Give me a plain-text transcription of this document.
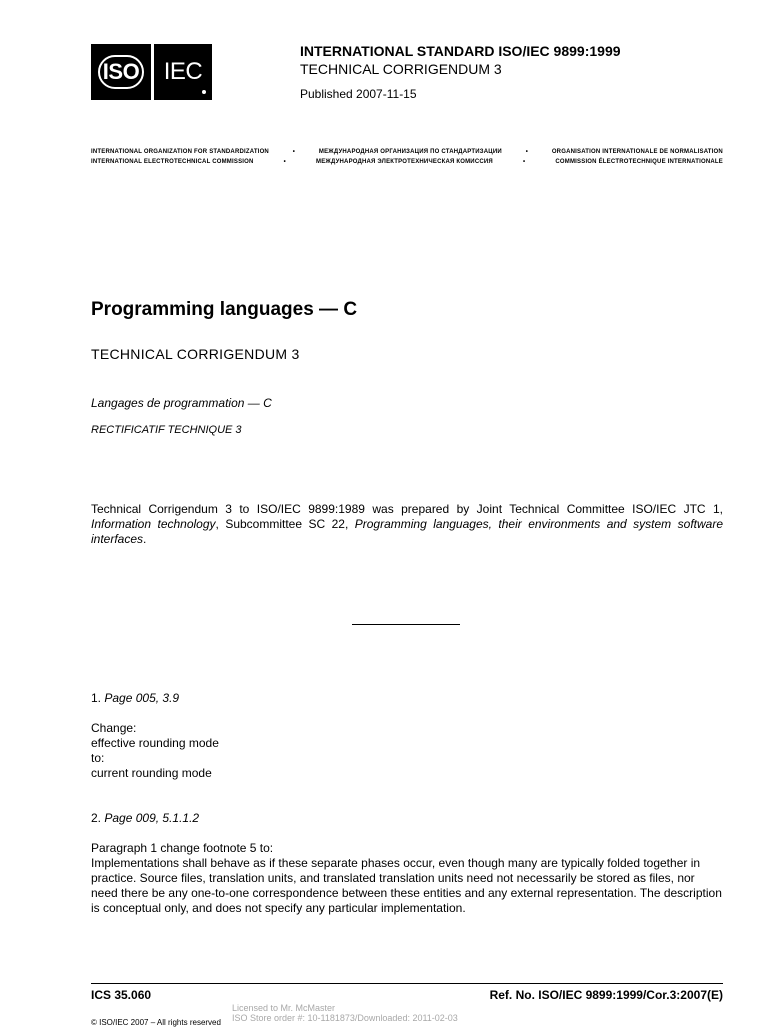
ISO IEC
INTERNATIONAL STANDARD ISO/IEC 9899:1999
TECHNICAL CORRIGENDUM 3
Published 2007-11-15
INTERNATIONAL ORGANIZATION FOR STANDARDIZATION	•	МЕЖДУНАРОДНАЯ ОРГАНИЗАЦИЯ ПО СТАНДАРТИЗАЦИИ	•	ORGANISATION INTERNATIONALE DE NORMALISATION
INTERNATIONAL ELECTROTECHNICAL COMMISSION	•	МЕЖДУНАРОДНАЯ ЭЛЕКТРОТЕХНИЧЕСКАЯ КОМИССИЯ	•	COMMISSION ÉLECTROTECHNIQUE INTERNATIONALE
Programming languages — C
TECHNICAL CORRIGENDUM 3
Langages de programmation — C
RECTIFICATIF TECHNIQUE 3
Technical Corrigendum 3 to ISO/IEC 9899:1989 was prepared by Joint Technical Committee ISO/IEC JTC 1, Information technology, Subcommittee SC 22, Programming languages, their environments and system software interfaces.
1. Page 005, 3.9
Change:
effective rounding mode
to:
current rounding mode
2. Page 009, 5.1.1.2
Paragraph 1 change footnote 5 to:
Implementations shall behave as if these separate phases occur, even though many are typically folded together in practice. Source files, translation units, and translated translation units need not necessarily be stored as files, nor need there be any one-to-one correspondence between these entities and any external representation. The description is conceptual only, and does not specify any particular implementation.
ICS 35.060	Ref. No. ISO/IEC 9899:1999/Cor.3:2007(E)
Licensed to Mr. McMaster
ISO Store order #: 10-1181873/Downloaded: 2011-02-03
© ISO/IEC 2007 – All rights reserved
